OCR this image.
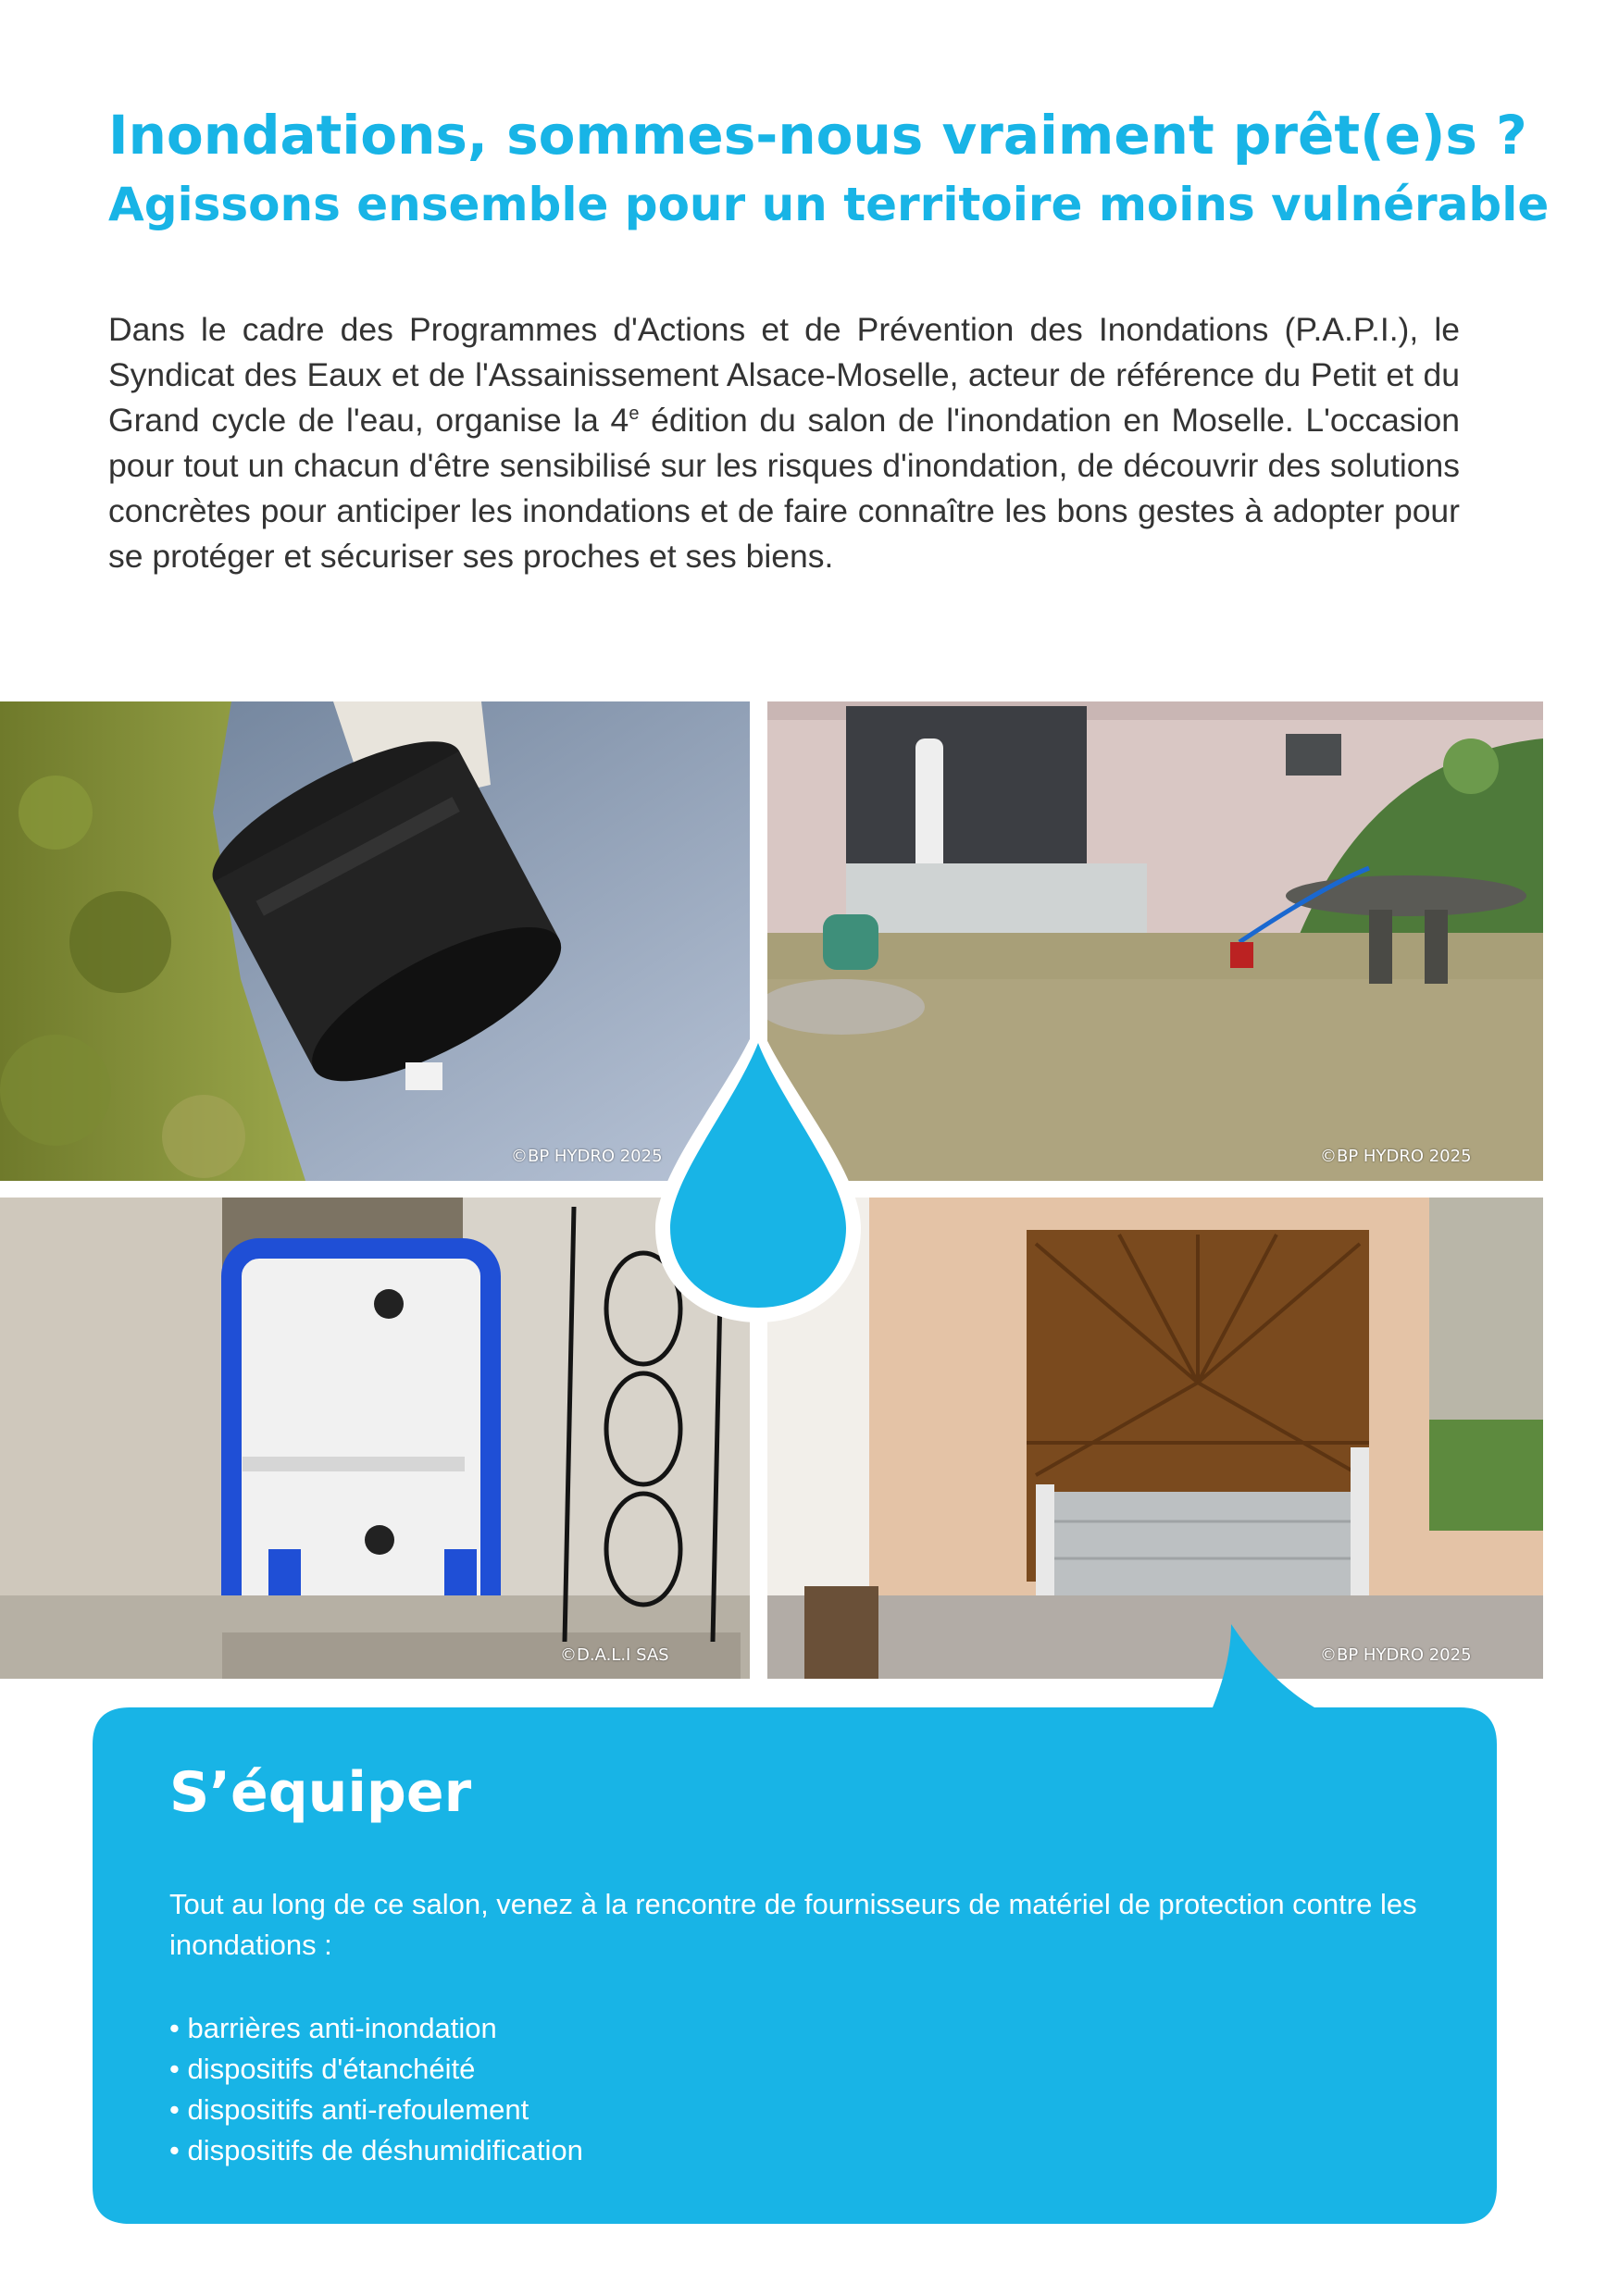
Inondations, sommes-nous vraiment prêt(e)s ?
Agissons ensemble pour un territoire moins vulnérable

Dans le cadre des Programmes d'Actions et de Prévention des Inondations (P.A.P.I.), le Syndicat des Eaux et de l'Assainissement Alsace-Moselle, acteur de référence du Petit et du Grand cycle de l'eau, organise la 4e édition du salon de l'inondation en Moselle. L'occasion pour tout un chacun d'être sensibilisé sur les risques d'inondation, de découvrir des solutions concrètes pour anticiper les inondations et de faire connaître les bons gestes à adopter pour se protéger et sécuriser ses proches et ses biens.

©BP HYDRO 2025	©BP HYDRO 2025
©D.A.L.I SAS	©BP HYDRO 2025
S’équiper

Tout au long de ce salon, venez à la rencontre de fournisseurs de matériel de protection contre les inondations :

• barrières anti-inondation
• dispositifs d'étanchéité
• dispositifs anti-refoulement
• dispositifs de déshumidification
